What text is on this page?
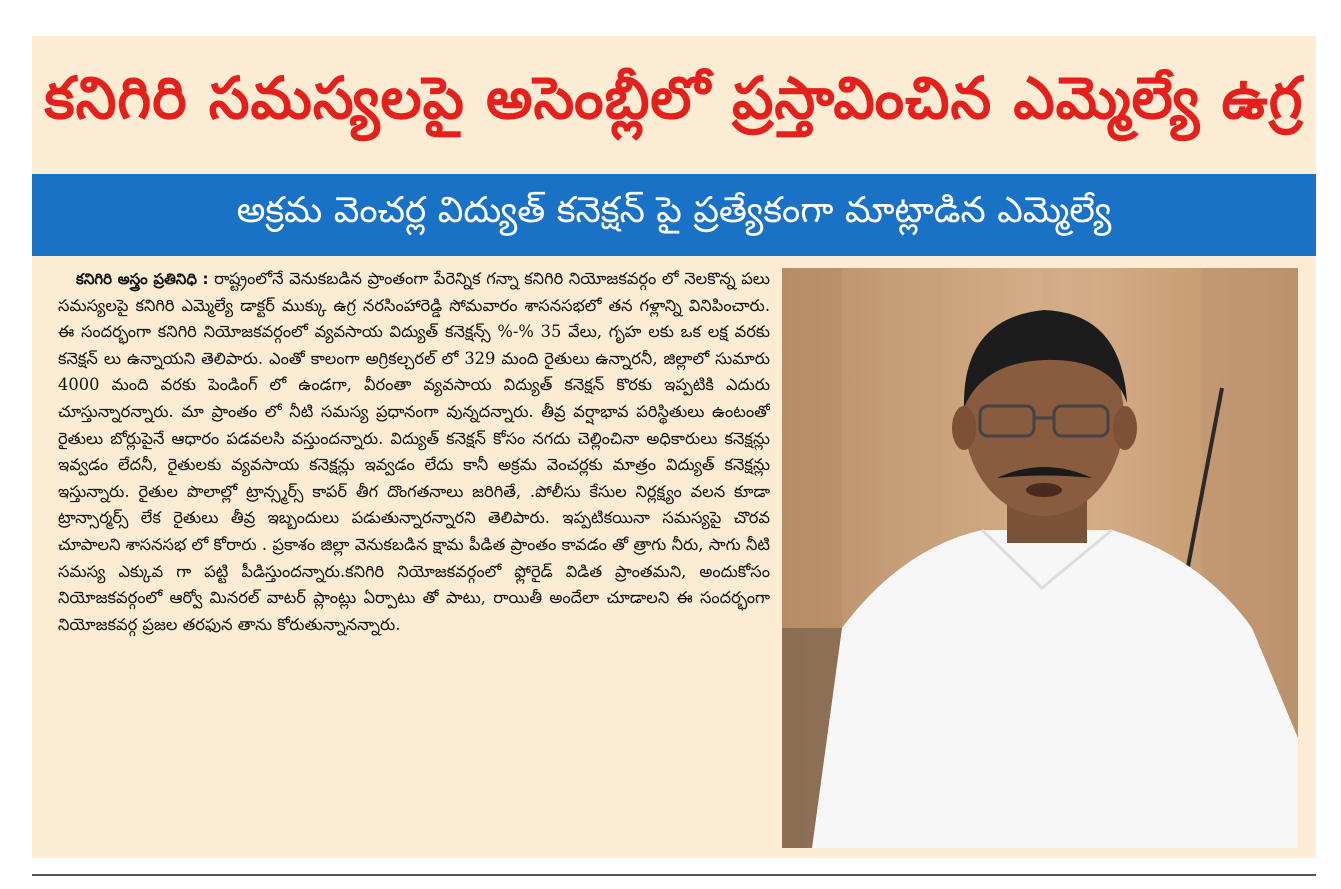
కనిగిరి సమస్యలపై అసెంబ్లీలో ప్రస్తావించిన ఎమ్మెల్యే ఉగ్ర
అక్రమ వెంచర్ల విద్యుత్ కనెక్షన్ పై ప్రత్యేకంగా మాట్లాడిన ఎమ్మెల్యే
కనిగిరి అస్త్రం ప్రతినిధి : రాష్ట్రంలోనే వెనుకబడిన ప్రాంతంగా పేరెన్నిక గన్నా కనిగిరి నియోజకవర్గం లో నెలకొన్న పలు సమస్యలపై కనిగిరి ఎమ్మెల్యే డాక్టర్ ముక్కు ఉగ్ర నరసింహారెడ్డి సోమవారం శాసనసభలో తన గళ్లాన్ని వినిపించారు. ఈ సందర్భంగా కనిగిరి నియోజకవర్గంలో వ్యవసాయ విద్యుత్ కనెక్షన్స్ %-% 35 వేలు, గృహ లకు ఒక లక్ష వరకు కనెక్షన్ లు ఉన్నాయని తెలిపారు. ఎంతో కాలంగా అగ్రికల్చరల్ లో 329 మంది రైతులు ఉన్నారనీ, జిల్లాలో సుమారు 4000 మంది వరకు పెండింగ్ లో ఉండగా, వీరంతా వ్యవసాయ విద్యుత్ కనెక్షన్ కొరకు ఇప్పటికి ఎదురు చూస్తున్నారన్నారు. మా ప్రాంతం లో నీటి సమస్య ప్రధానంగా వున్నదన్నారు. తీవ్ర వర్షాభావ పరిస్థితులు ఉంటంతో రైతులు బోర్లుపైనే ఆధారం పడవలసి వస్తుందన్నారు. విద్యుత్ కనెక్షన్ కోసం నగదు చెల్లించినా అధికారులు కనెక్షన్లు ఇవ్వడం లేదనీ, రైతులకు వ్యవసాయ కనెక్షన్లు ఇవ్వడం లేదు కానీ అక్రమ వెంచర్లకు మాత్రం విద్యుత్ కనెక్షన్లు ఇస్తున్నారు. రైతుల పొలాల్లో ట్రాన్స్మర్స్ కాపర్ తీగ దొంగతనాలు జరిగితే, .పోలీసు కేసుల నిర్లక్ష్యం వలన కూడా ట్రాన్సార్మర్స్ లేక రైతులు తీవ్ర ఇబ్బందులు పడుతున్నారన్నారని తెలిపారు. ఇప్పటికయినా సమస్యపై చొరవ చూపాలని శాసనసభ లో కోరారు . ప్రకాశం జిల్లా వెనుకబడిన క్షామ పీడిత ప్రాంతం కావడం తో త్రాగు నీరు, సాగు నీటి సమస్య ఎక్కువ గా పట్టి పీడిస్తుందన్నారు.కనిగిరి నియోజకవర్గంలో ఫ్లోరైడ్ విడిత ప్రాంతమని, అందుకోసం నియోజకవర్గంలో ఆర్వో మినరల్ వాటర్ ప్లాంట్లు ఏర్పాటు తో పాటు, రాయితీ అందేలా చూడాలని ఈ సందర్భంగా నియోజకవర్గ ప్రజల తరఫున తాను కోరుతున్నానన్నారు.
